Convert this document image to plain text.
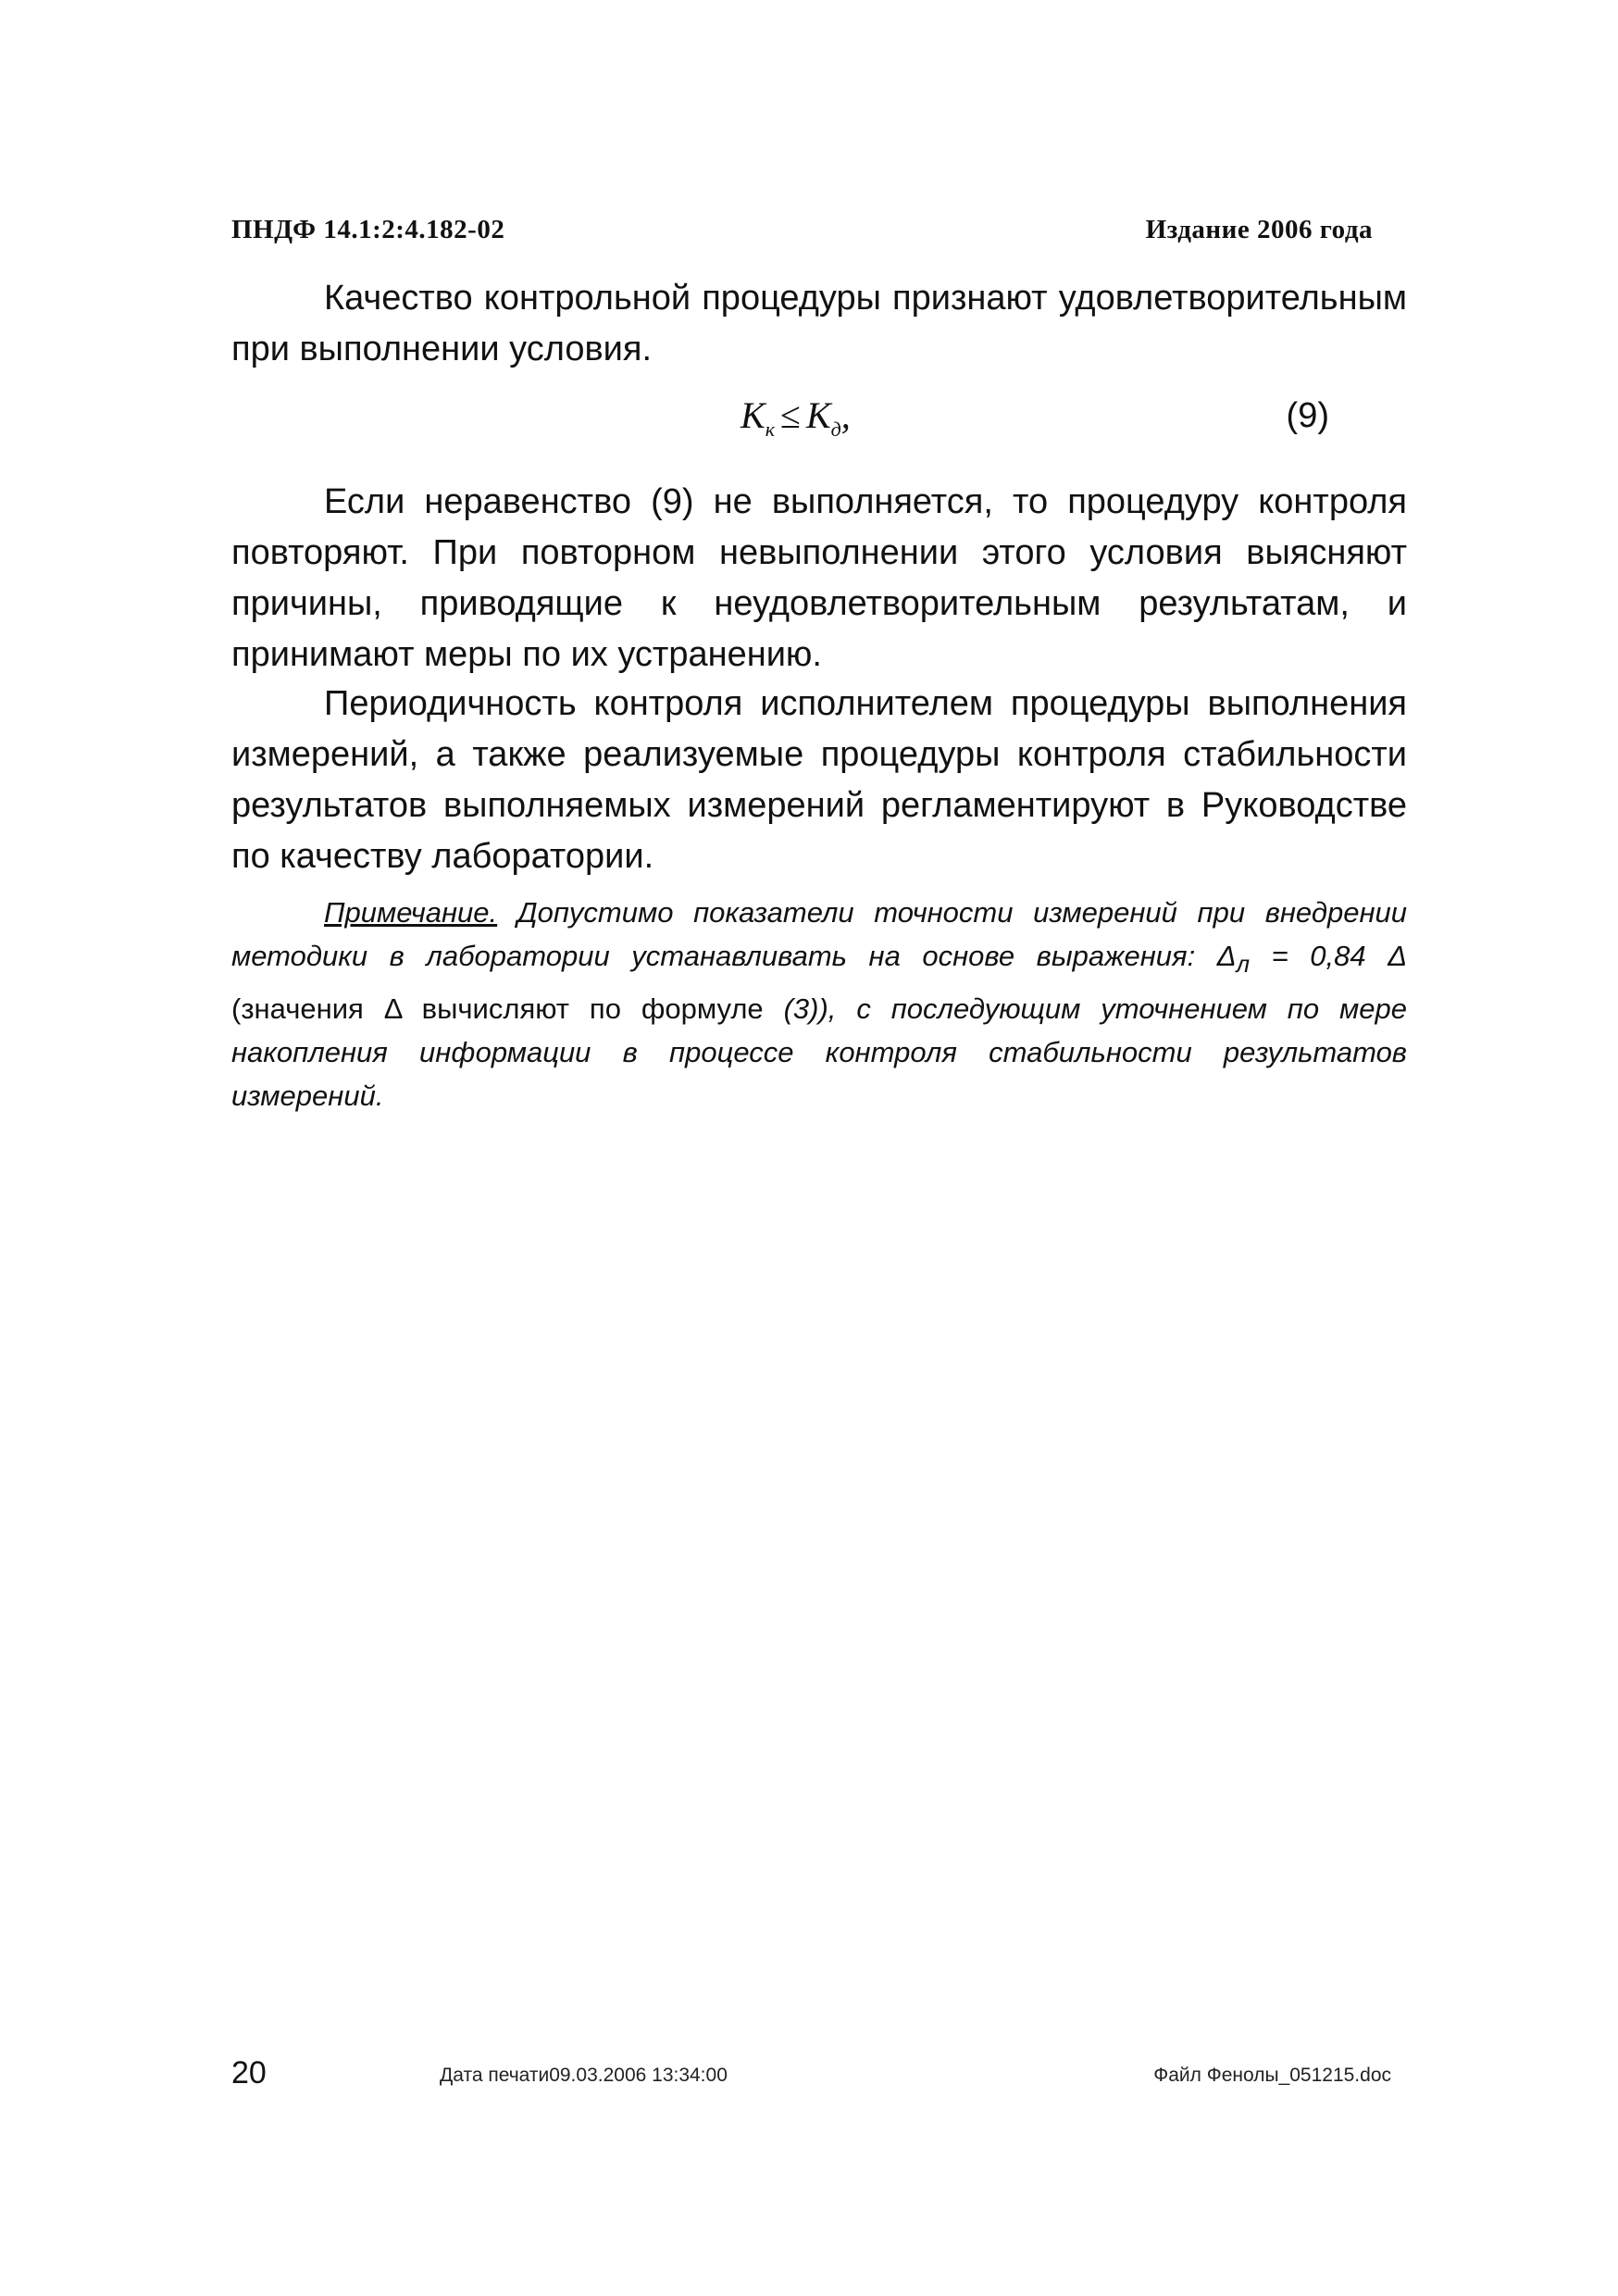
ПНДФ 14.1:2:4.182-02	Издание 2006 года

Качество контрольной процедуры признают удовлетворительным при выполнении условия.

$K_к \le K_д$,	(9)

Если неравенство (9) не выполняется, то процедуру контроля повторяют. При повторном невыполнении этого условия выясняют причины, приводящие к неудовлетворительным результатам, и принимают меры по их устранению.

Периодичность контроля исполнителем процедуры выполнения измерений, а также реализуемые процедуры контроля стабильности результатов выполняемых измерений регламентируют в Руководстве по качеству лаборатории.

Примечание. Допустимо показатели точности измерений при внедрении методики в лаборатории устанавливать на основе выражения: $\Delta_л = 0,84$ Δ (значения Δ вычисляют по формуле (3)), с последующим уточнением по мере накопления информации в процессе контроля стабильности результатов измерений.

20	Дата печати09.03.2006 13:34:00	Файл Фенолы_051215.doc
